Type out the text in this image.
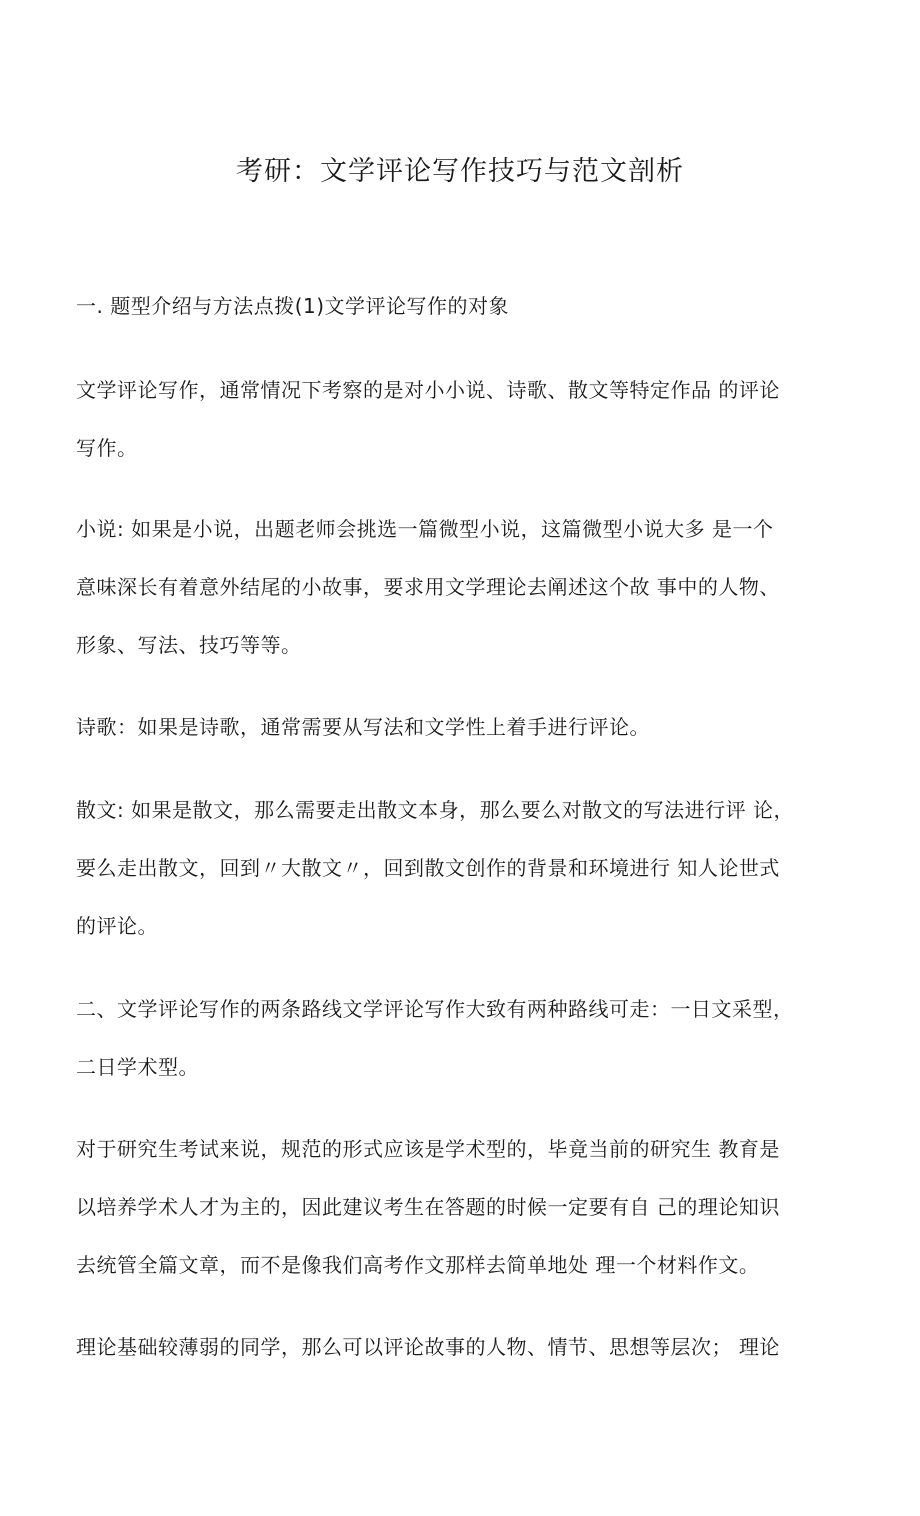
考研：文学评论写作技巧与范文剖析
一. 题型介绍与方法点拨(1)文学评论写作的对象
文学评论写作，通常情况下考察的是对小小说、诗歌、散文等特定作品 的评论
写作。
小说: 如果是小说，出题老师会挑选一篇微型小说，这篇微型小说大多 是一个
意味深长有着意外结尾的小故事，要求用文学理论去阐述这个故 事中的人物、
形象、写法、技巧等等。
诗歌：如果是诗歌，通常需要从写法和文学性上着手进行评论。
散文: 如果是散文，那么需要走出散文本身，那么要么对散文的写法进行评 论，
要么走出散文，回到〃大散文〃，回到散文创作的背景和环境进行 知人论世式
的评论。
二、文学评论写作的两条路线文学评论写作大致有两种路线可走：一日文采型，
二日学术型。
对于研究生考试来说，规范的形式应该是学术型的，毕竟当前的研究生 教育是
以培养学术人才为主的，因此建议考生在答题的时候一定要有自 己的理论知识
去统管全篇文章，而不是像我们高考作文那样去简单地处 理一个材料作文。
理论基础较薄弱的同学，那么可以评论故事的人物、情节、思想等层次； 理论
